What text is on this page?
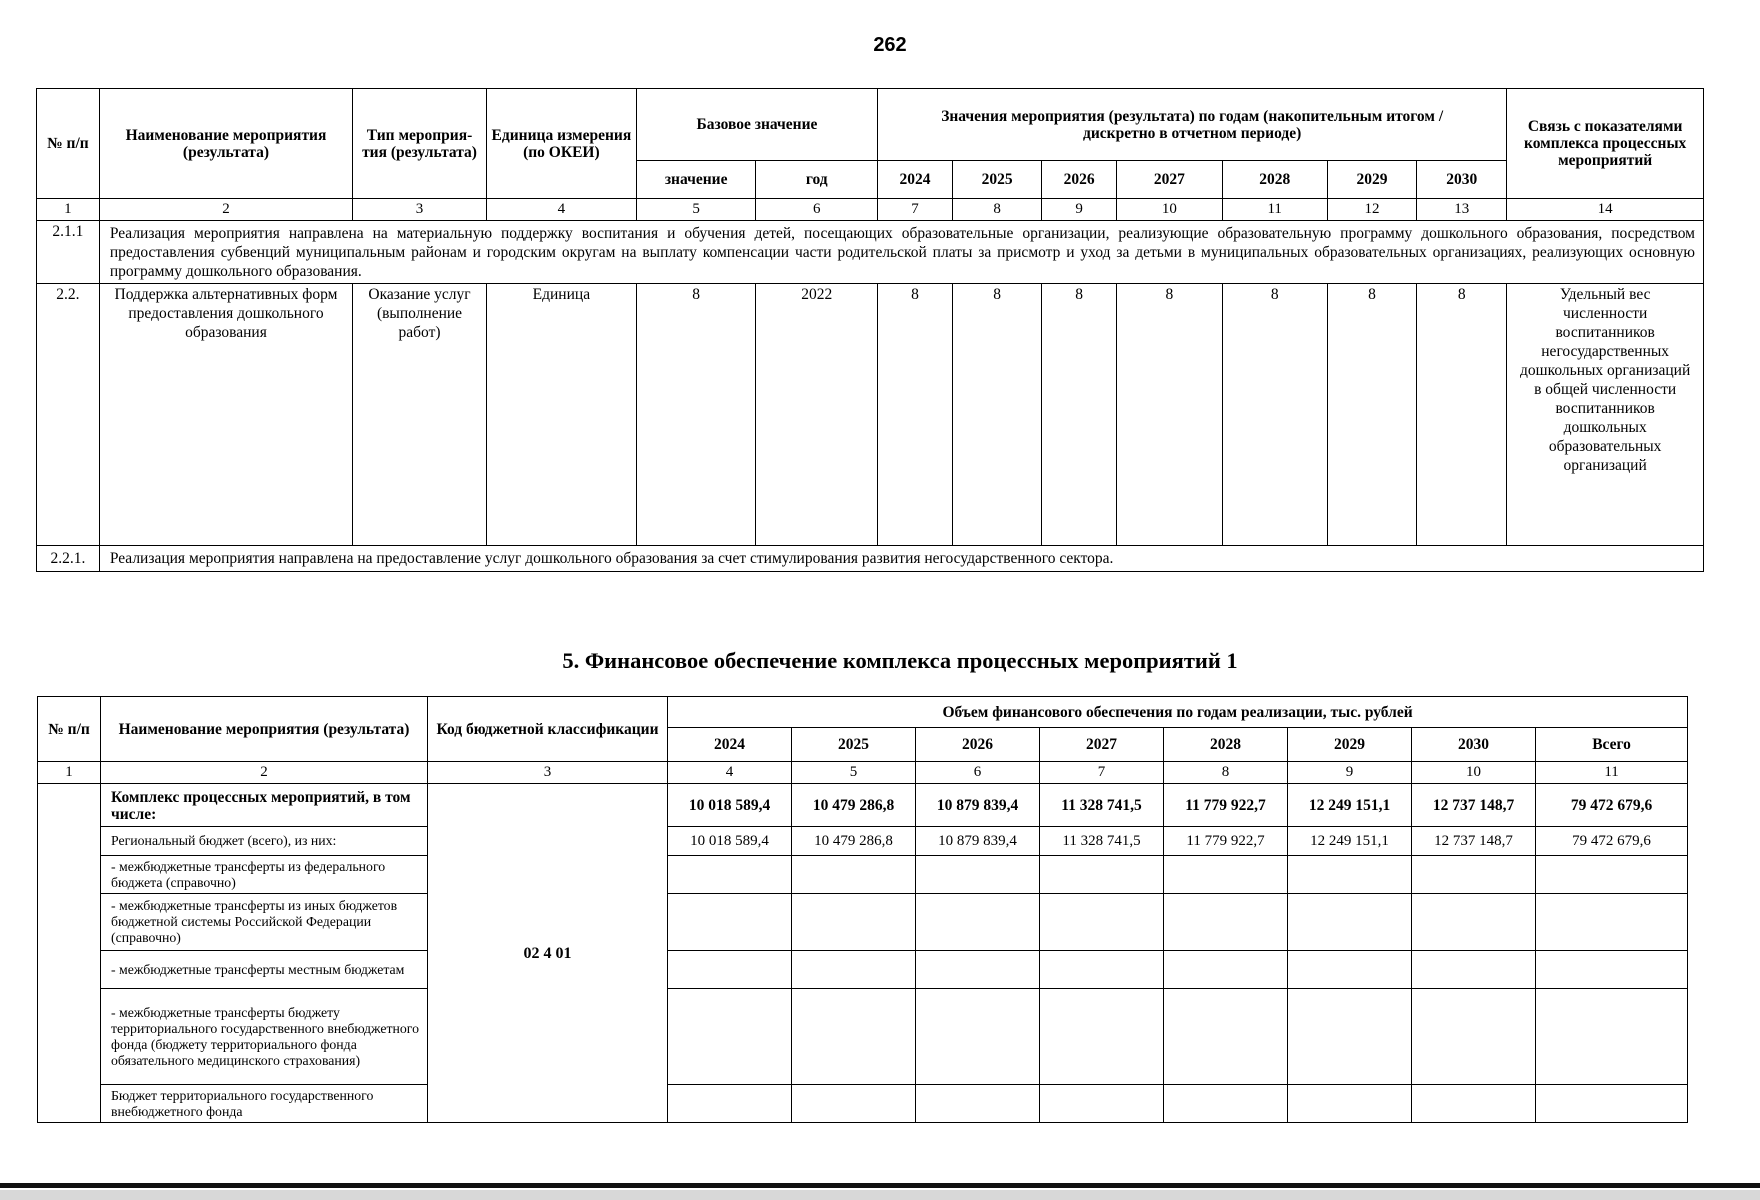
262
№ п/п	Наименование мероприятия (результата)	Тип мероприя-тия (результата)	Единица измерения (по ОКЕИ)	Базовое значение		Значения мероприятия (результата) по годам (накопительным итогом / дискретно в отчетном периоде)							Связь с показателями комплекса процессных мероприятий
				значение	год	2024	2025	2026	2027	2028	2029	2030	
1	2	3	4	5	6	7	8	9	10	11	12	13	14
2.1.1	Реализация мероприятия направлена на материальную поддержку воспитания и обучения детей, посещающих образовательные организации, реализующие образовательную программу дошкольного образования, посредством предоставления субвенций муниципальным районам и городским округам на выплату компенсации части родительской платы за присмотр и уход за детьми в муниципальных образовательных организациях, реализующих основную программу дошкольного образования.												
2.2.	Поддержка альтернативных форм предоставления дошкольного образования	Оказание услуг (выполнение работ)	Единица	8	2022	8	8	8	8	8	8	8	Удельный вес численности воспитанников негосударственных дошкольных организаций в общей численности воспитанников дошкольных образовательных организаций
2.2.1.	Реализация мероприятия направлена на предоставление услуг дошкольного образования за счет стимулирования развития негосударственного сектора.												
5. Финансовое обеспечение комплекса процессных мероприятий 1
№ п/п	Наименование мероприятия (результата)	Код бюджетной классификации	Объем финансового обеспечения по годам реализации, тыс. рублей							
			2024	2025	2026	2027	2028	2029	2030	Всего
1	2	3	4	5	6	7	8	9	10	11
	Комплекс процессных мероприятий, в том числе:	02 4 01	10 018 589,4	10 479 286,8	10 879 839,4	11 328 741,5	11 779 922,7	12 249 151,1	12 737 148,7	79 472 679,6
	Региональный бюджет (всего), из них:		10 018 589,4	10 479 286,8	10 879 839,4	11 328 741,5	11 779 922,7	12 249 151,1	12 737 148,7	79 472 679,6
	- межбюджетные трансферты из федерального бюджета (справочно)									
	- межбюджетные трансферты из иных бюджетов бюджетной системы Российской Федерации (справочно)									
	- межбюджетные трансферты местным бюджетам									
	- межбюджетные трансферты бюджету территориального государственного внебюджетного фонда (бюджету территориального фонда обязательного медицинского страхования)									
	Бюджет территориального государственного внебюджетного фонда									
